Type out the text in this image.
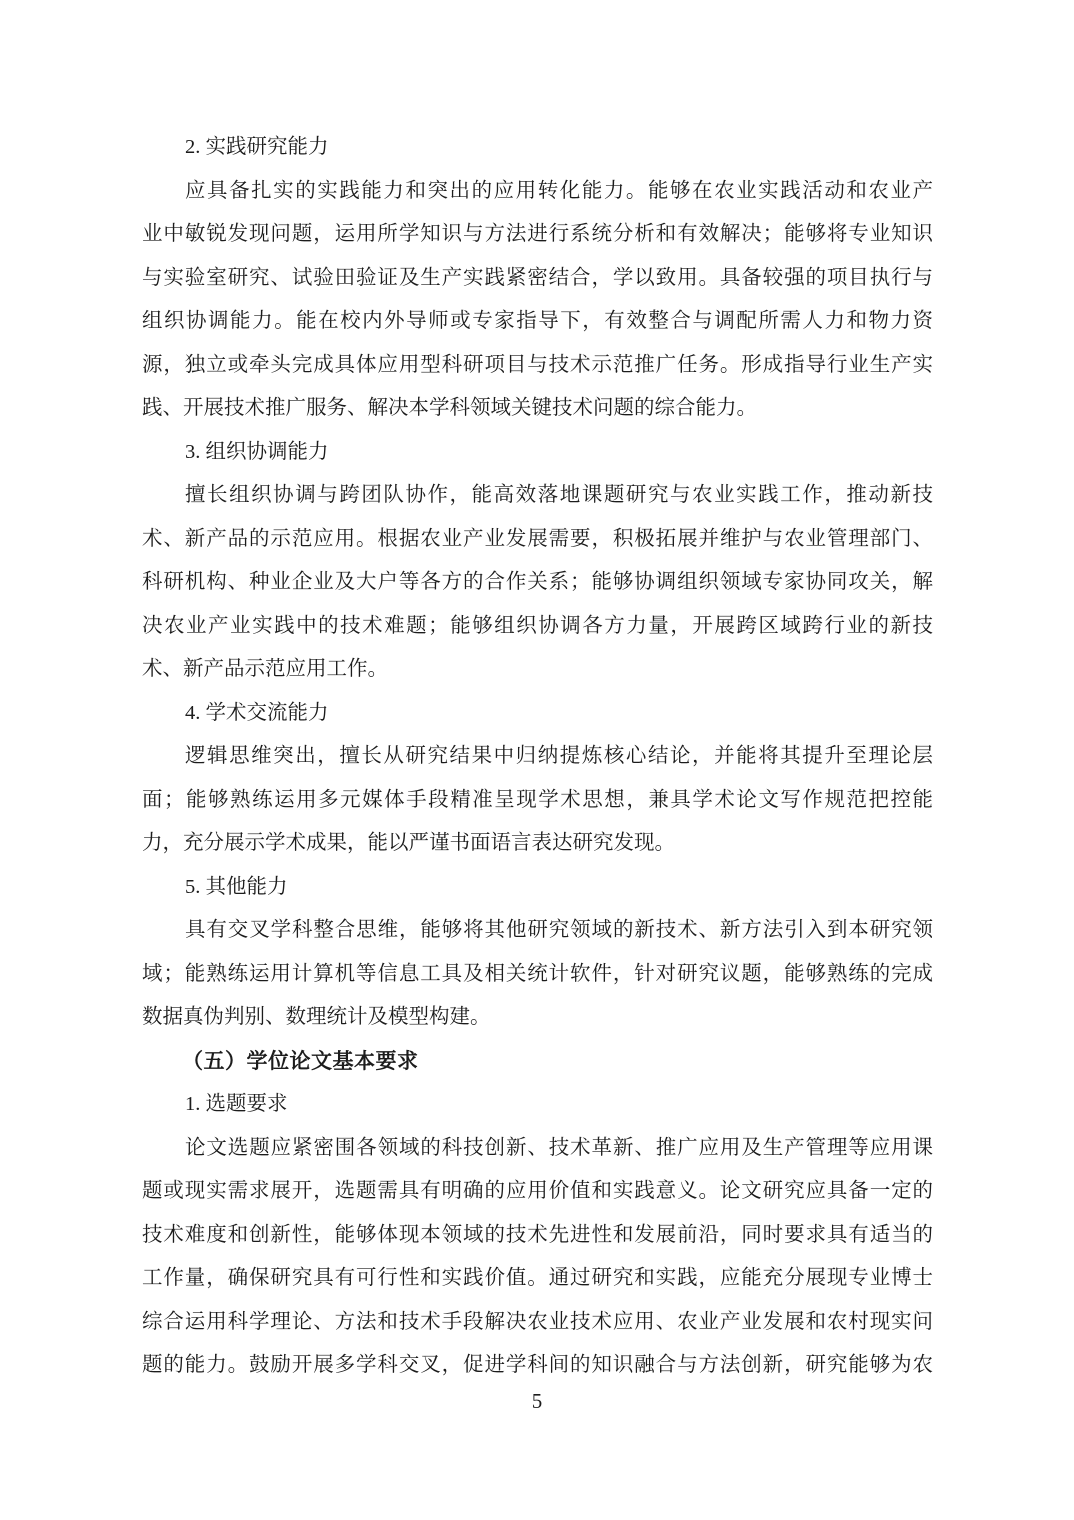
2. 实践研究能力
应具备扎实的实践能力和突出的应用转化能力。能够在农业实践活动和农业产
业中敏锐发现问题，运用所学知识与方法进行系统分析和有效解决；能够将专业知识
与实验室研究、试验田验证及生产实践紧密结合，学以致用。具备较强的项目执行与
组织协调能力。能在校内外导师或专家指导下，有效整合与调配所需人力和物力资
源，独立或牵头完成具体应用型科研项目与技术示范推广任务。形成指导行业生产实
践、开展技术推广服务、解决本学科领域关键技术问题的综合能力。
3. 组织协调能力
擅长组织协调与跨团队协作，能高效落地课题研究与农业实践工作，推动新技
术、新产品的示范应用。根据农业产业发展需要，积极拓展并维护与农业管理部门、
科研机构、种业企业及大户等各方的合作关系；能够协调组织领域专家协同攻关，解
决农业产业实践中的技术难题；能够组织协调各方力量，开展跨区域跨行业的新技
术、新产品示范应用工作。
4. 学术交流能力
逻辑思维突出，擅长从研究结果中归纳提炼核心结论，并能将其提升至理论层
面；能够熟练运用多元媒体手段精准呈现学术思想，兼具学术论文写作规范把控能
力，充分展示学术成果，能以严谨书面语言表达研究发现。
5. 其他能力
具有交叉学科整合思维，能够将其他研究领域的新技术、新方法引入到本研究领
域；能熟练运用计算机等信息工具及相关统计软件，针对研究议题，能够熟练的完成
数据真伪判别、数理统计及模型构建。
（五）学位论文基本要求
1. 选题要求
论文选题应紧密围各领域的科技创新、技术革新、推广应用及生产管理等应用课
题或现实需求展开，选题需具有明确的应用价值和实践意义。论文研究应具备一定的
技术难度和创新性，能够体现本领域的技术先进性和发展前沿，同时要求具有适当的
工作量，确保研究具有可行性和实践价值。通过研究和实践，应能充分展现专业博士
综合运用科学理论、方法和技术手段解决农业技术应用、农业产业发展和农村现实问
题的能力。鼓励开展多学科交叉，促进学科间的知识融合与方法创新，研究能够为农
5
